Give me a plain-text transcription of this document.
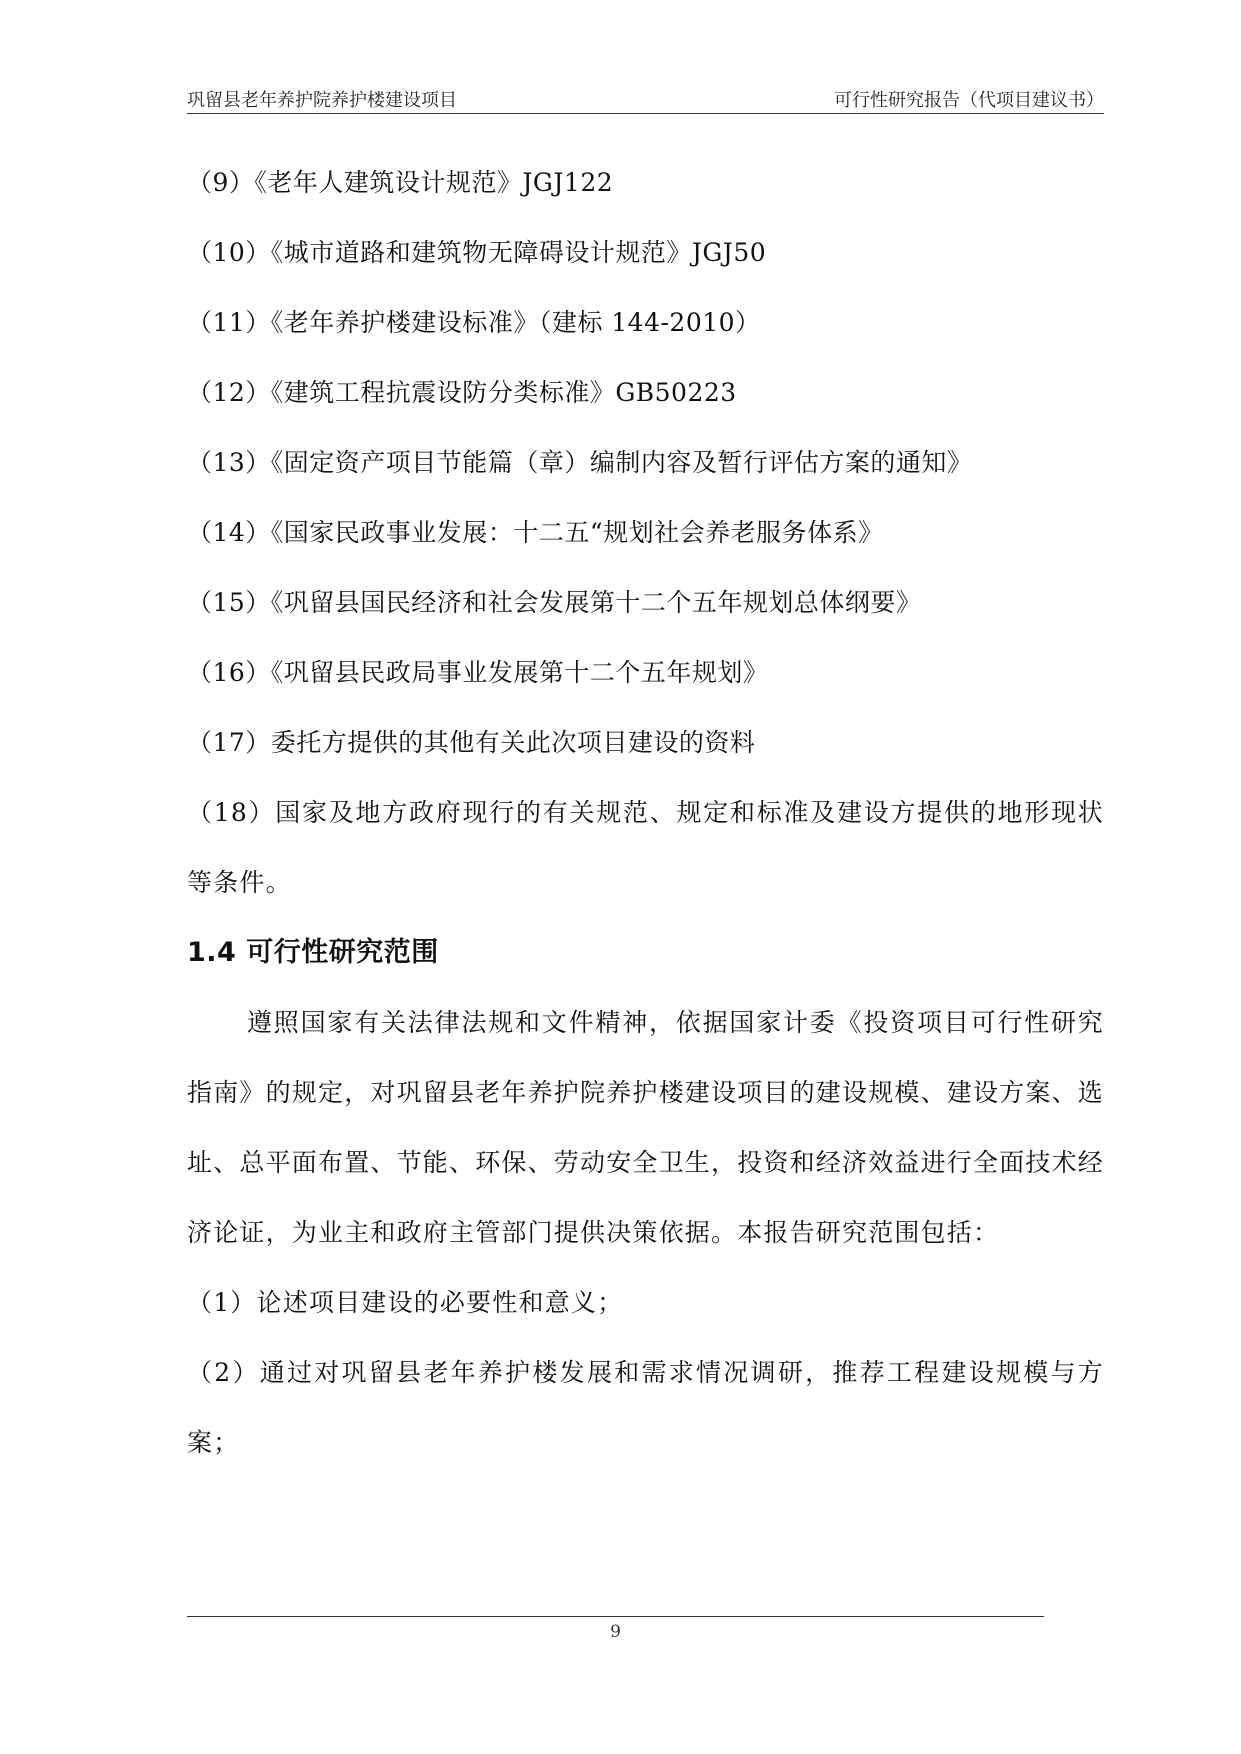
巩留县老年养护院养护楼建设项目	可行性研究报告（代项目建议书）
（9）《老年人建筑设计规范》JGJ122
（10）《城市道路和建筑物无障碍设计规范》JGJ50
（11）《老年养护楼建设标准》（建标 144-2010）
（12）《建筑工程抗震设防分类标准》GB50223
（13）《固定资产项目节能篇（章）编制内容及暂行评估方案的通知》
（14）《国家民政事业发展：十二五“规划社会养老服务体系》
（15）《巩留县国民经济和社会发展第十二个五年规划总体纲要》
（16）《巩留县民政局事业发展第十二个五年规划》
（17）委托方提供的其他有关此次项目建设的资料
（18）国家及地方政府现行的有关规范、规定和标准及建设方提供的地形现状等条件。
1.4 可行性研究范围
遵照国家有关法律法规和文件精神，依据国家计委《投资项目可行性研究指南》的规定，对巩留县老年养护院养护楼建设项目的建设规模、建设方案、选址、总平面布置、节能、环保、劳动安全卫生，投资和经济效益进行全面技术经济论证，为业主和政府主管部门提供决策依据。本报告研究范围包括：
（1）论述项目建设的必要性和意义；
（2）通过对巩留县老年养护楼发展和需求情况调研，推荐工程建设规模与方案；
9
